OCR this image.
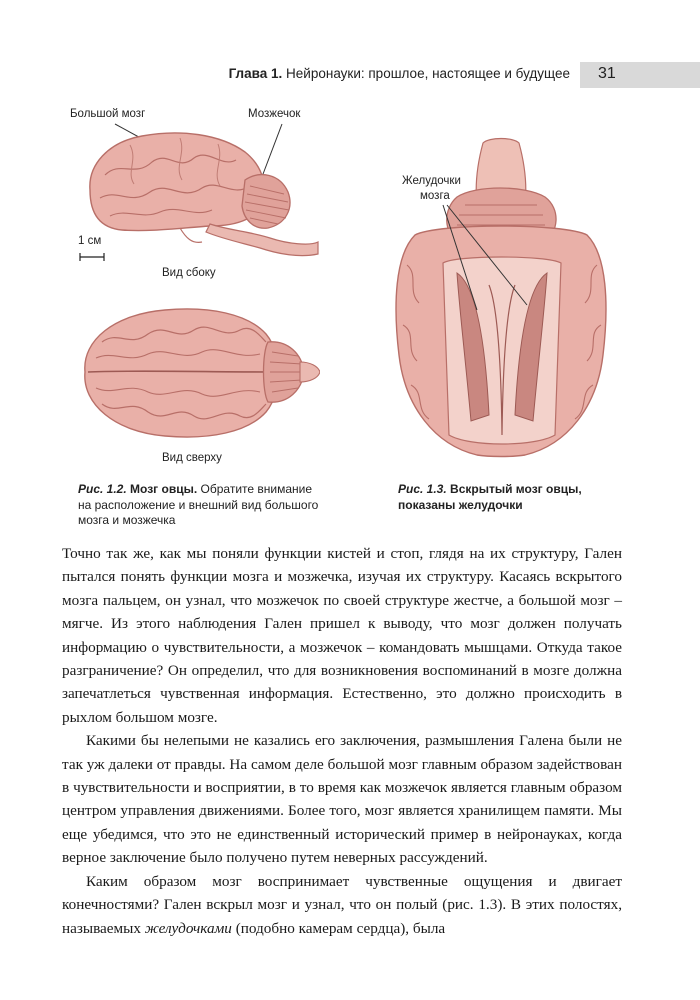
Глава 1. Нейронауки: прошлое, настоящее и будущее 31
Большой мозг	Мозжечок
1 см
Вид сбоку
Вид сверху
Желудочки
мозга
Рис. 1.2. Мозг овцы. Обратите внимание на расположение и внешний вид большого мозга и мозжечка
Рис. 1.3. Вскрытый мозг овцы, показаны желудочки

Точно так же, как мы поняли функции кистей и стоп, глядя на их структуру, Гален пытался понять функции мозга и мозжечка, изучая их структуру. Касаясь вскрытого мозга пальцем, он узнал, что мозжечок по своей структуре жестче, а большой мозг – мягче. Из этого наблюдения Гален пришел к выводу, что мозг должен получать информацию о чувствительности, а мозжечок – командовать мышцами. Откуда такое разграничение? Он определил, что для возникновения воспоминаний в мозге должна запечатлеться чувственная информация. Естественно, это должно происходить в рыхлом большом мозге.

Какими бы нелепыми не казались его заключения, размышления Галена были не так уж далеки от правды. На самом деле большой мозг главным образом задействован в чувствительности и восприятии, в то время как мозжечок является главным образом центром управления движениями. Более того, мозг является хранилищем памяти. Мы еще убедимся, что это не единственный исторический пример в нейронауках, когда верное заключение было получено путем неверных рассуждений.

Каким образом мозг воспринимает чувственные ощущения и двигает конечностями? Гален вскрыл мозг и узнал, что он полый (рис. 1.3). В этих полостях, называемых желудочками (подобно камерам сердца), была
